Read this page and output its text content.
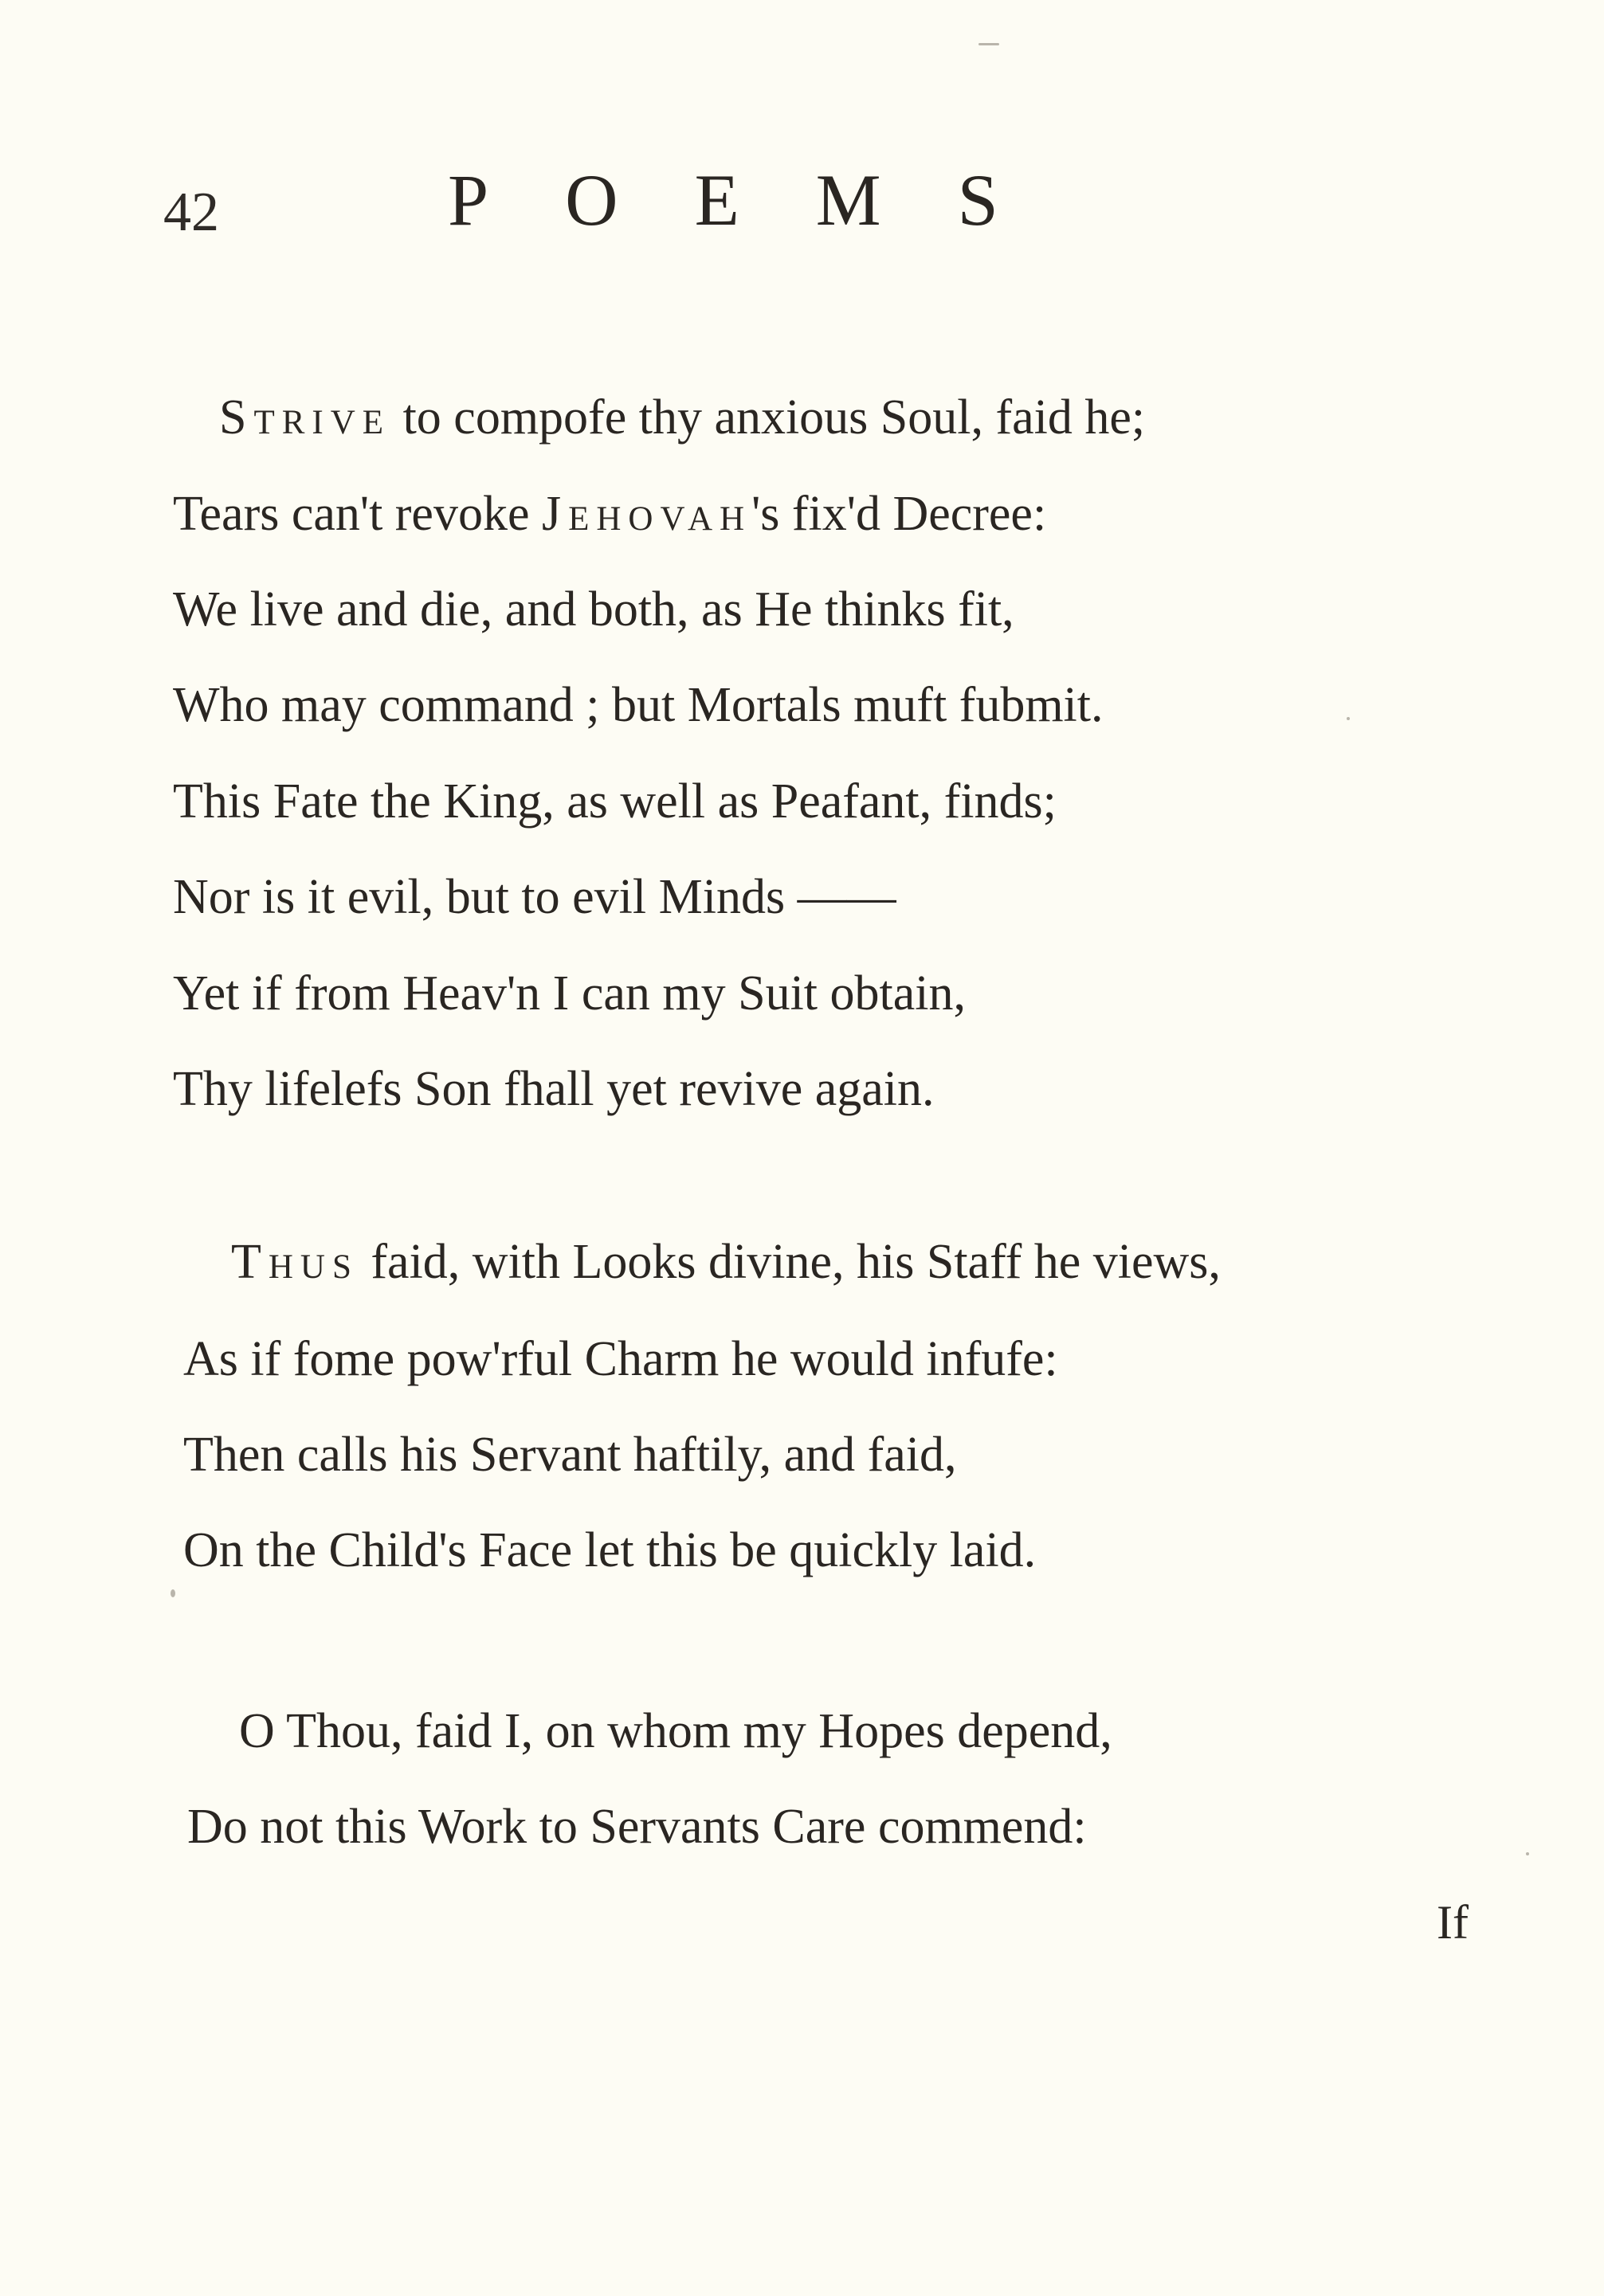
42	POEMS
Strive to compofe thy anxious Soul, faid he;
Tears can't revoke Jehovah's fix'd Decree:
We live and die, and both, as He thinks fit,
Who may command ; but Mortals muft fubmit.
This Fate the King, as well as Peafant, finds;
Nor is it evil, but to evil Minds ——
Yet if from Heav'n I can my Suit obtain,
Thy lifelefs Son fhall yet revive again.
Thus faid, with Looks divine, his Staff he views,
As if fome pow'rful Charm he would infufe:
Then calls his Servant haftily, and faid,
On the Child's Face let this be quickly laid.
O Thou, faid I, on whom my Hopes depend,
Do not this Work to Servants Care commend:
If
